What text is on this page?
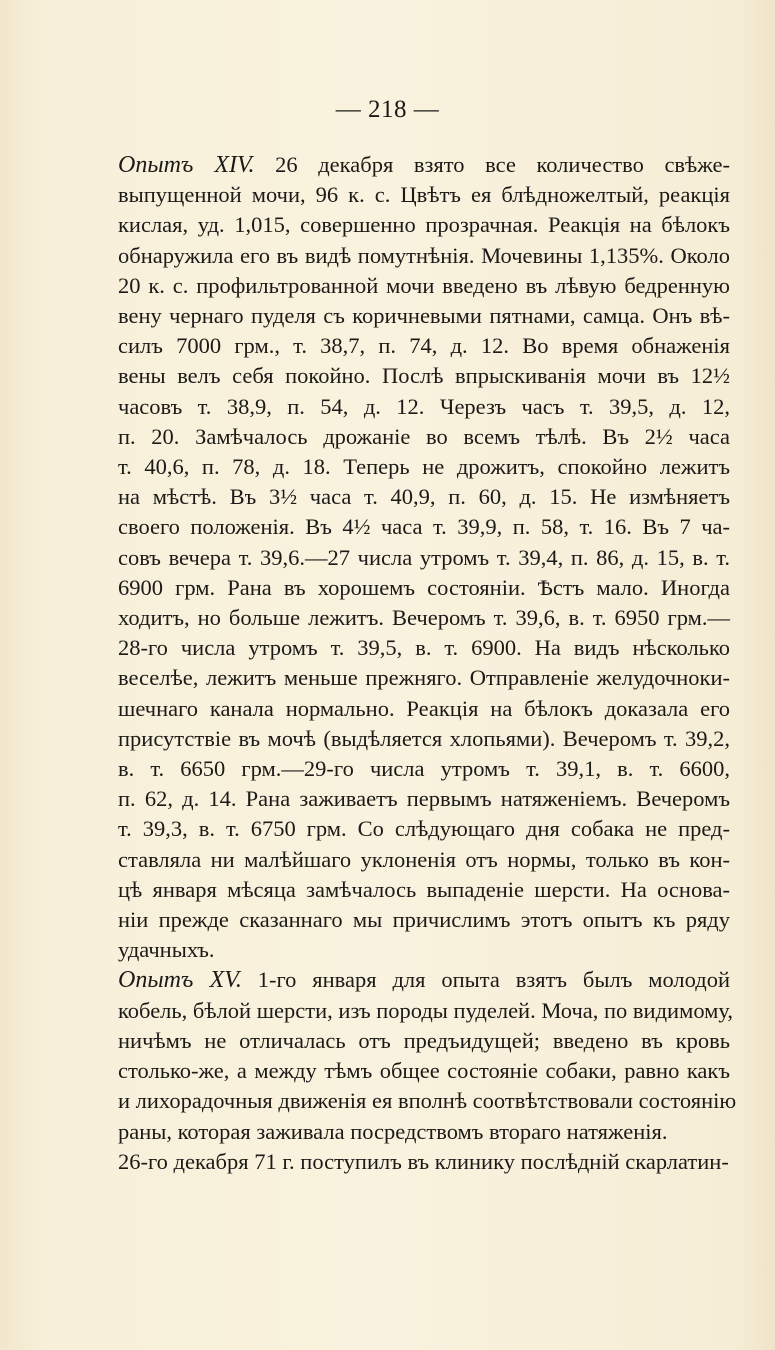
— 218 —
Опытъ XIV. 26 декабря взято все количество свѣже-
выпущенной мочи, 96 к. с. Цвѣтъ ея блѣдножелтый, реакція
кислая, уд. 1,015, совершенно прозрачная. Реакція на бѣлокъ
обнаружила его въ видѣ помутнѣнія. Мочевины 1,135%. Около
20 к. с. профильтрованной мочи введено въ лѣвую бедренную
вену чернаго пуделя съ коричневыми пятнами, самца. Онъ вѣ-
силъ 7000 грм., т. 38,7, п. 74, д. 12. Во время обнаженія
вены велъ себя покойно. Послѣ впрыскиванія мочи въ 12½
часовъ т. 38,9, п. 54, д. 12. Черезъ часъ т. 39,5, д. 12,
п. 20. Замѣчалось дрожаніе во всемъ тѣлѣ. Въ 2½ часа
т. 40,6, п. 78, д. 18. Теперь не дрожитъ, спокойно лежитъ
на мѣстѣ. Въ 3½ часа т. 40,9, п. 60, д. 15. Не измѣняетъ
своего положенія. Въ 4½ часа т. 39,9, п. 58, т. 16. Въ 7 ча-
совъ вечера т. 39,6.—27 числа утромъ т. 39,4, п. 86, д. 15, в. т.
6900 грм. Рана въ хорошемъ состояніи. Ѣстъ мало. Иногда
ходитъ, но больше лежитъ. Вечеромъ т. 39,6, в. т. 6950 грм.—
28-го числа утромъ т. 39,5, в. т. 6900. На видъ нѣсколько
веселѣе, лежитъ меньше прежняго. Отправленіе желудочноки-
шечнаго канала нормально. Реакція на бѣлокъ доказала его
присутствіе въ мочѣ (выдѣляется хлопьями). Вечеромъ т. 39,2,
в. т. 6650 грм.—29-го числа утромъ т. 39,1, в. т. 6600,
п. 62, д. 14. Рана заживаетъ первымъ натяженіемъ. Вечеромъ
т. 39,3, в. т. 6750 грм. Со слѣдующаго дня собака не пред-
ставляла ни малѣйшаго уклоненія отъ нормы, только въ кон-
цѣ января мѣсяца замѣчалось выпаденіе шерсти. На основа-
ніи прежде сказаннаго мы причислимъ этотъ опытъ къ ряду
удачныхъ.
Опытъ XV. 1-го января для опыта взятъ былъ молодой
кобель, бѣлой шерсти, изъ породы пуделей. Моча, по видимому,
ничѣмъ не отличалась отъ предъидущей; введено въ кровь
столько-же, а между тѣмъ общее состояніе собаки, равно какъ
и лихорадочныя движенія ея вполнѣ соотвѣтствовали состоянію
раны, которая заживала посредствомъ втораго натяженія.
26-го декабря 71 г. поступилъ въ клинику послѣдній скарлатин-
